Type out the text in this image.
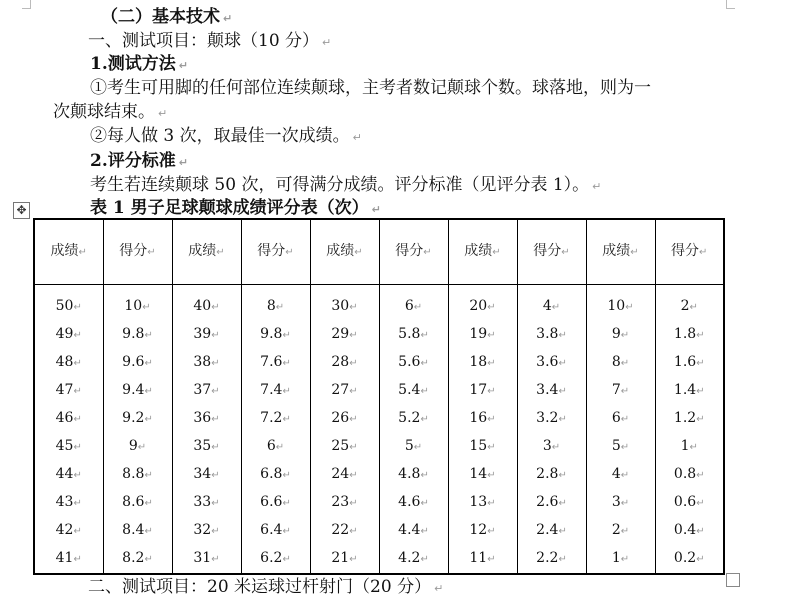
（二）基本技术 ↵
一、测试项目：颠球（10 分） ↵
1.测试方法 ↵
①考生可用脚的任何部位连续颠球，主考者数记颠球个数。球落地，则为一
次颠球结束。 ↵
②每人做 3 次，取最佳一次成绩。 ↵
2.评分标准 ↵
考生若连续颠球 50 次，可得满分成绩。评分标准（见评分表 1）。 ↵
✥	表 1 男子足球颠球成绩评分表（次） ↵
成绩↵	得分↵	成绩↵	得分↵	成绩↵	得分↵	成绩↵	得分↵	成绩↵	得分↵
50↵	10↵	40↵	8↵	30↵	6↵	20↵	4↵	10↵	2↵
49↵	9.8↵	39↵	9.8↵	29↵	5.8↵	19↵	3.8↵	9↵	1.8↵
48↵	9.6↵	38↵	7.6↵	28↵	5.6↵	18↵	3.6↵	8↵	1.6↵
47↵	9.4↵	37↵	7.4↵	27↵	5.4↵	17↵	3.4↵	7↵	1.4↵
46↵	9.2↵	36↵	7.2↵	26↵	5.2↵	16↵	3.2↵	6↵	1.2↵
45↵	9↵	35↵	6↵	25↵	5↵	15↵	3↵	5↵	1↵
44↵	8.8↵	34↵	6.8↵	24↵	4.8↵	14↵	2.8↵	4↵	0.8↵
43↵	8.6↵	33↵	6.6↵	23↵	4.6↵	13↵	2.6↵	3↵	0.6↵
42↵	8.4↵	32↵	6.4↵	22↵	4.4↵	12↵	2.4↵	2↵	0.4↵
41↵	8.2↵	31↵	6.2↵	21↵	4.2↵	11↵	2.2↵	1↵	0.2↵
二、测试项目：20 米运球过杆射门（20 分） ↵
